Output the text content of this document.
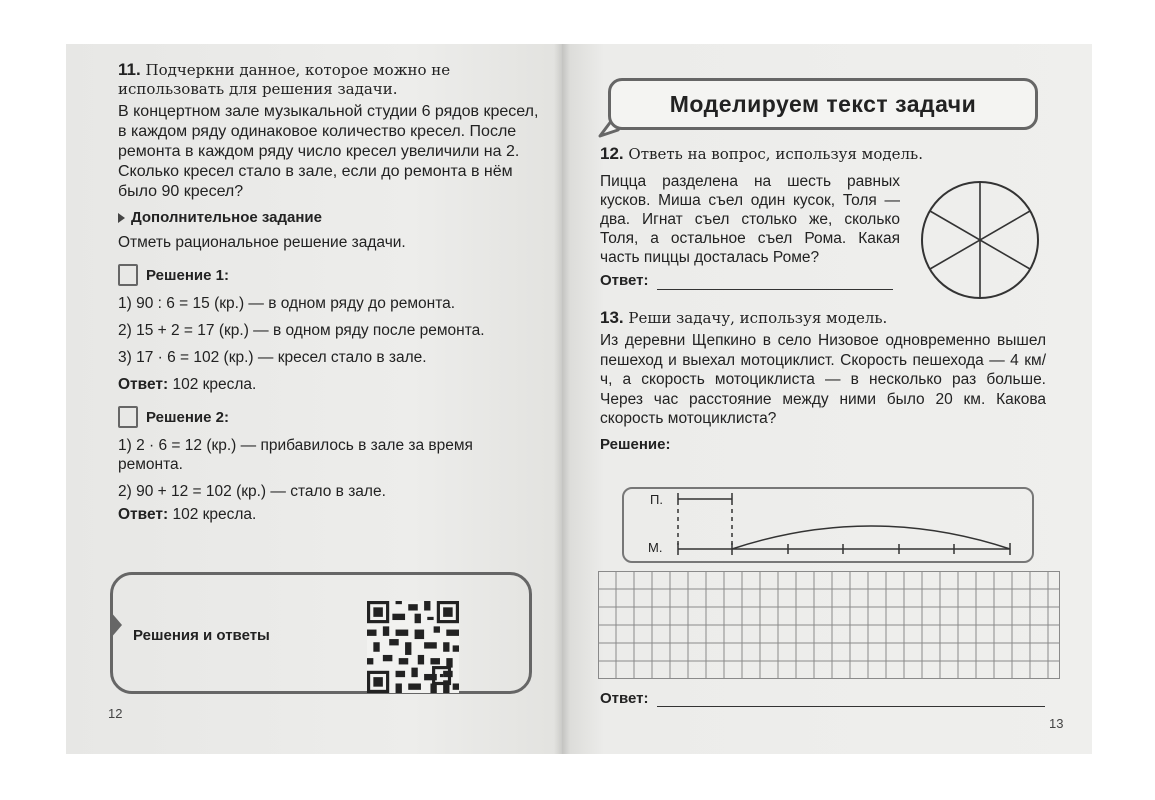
11. Подчеркни данное, которое можно не использовать для решения задачи.

В концертном зале музыкальной студии 6 рядов кресел, в каждом ряду одинаковое количество кресел. После ремонта в каждом ряду число кресел увеличили на 2. Сколько кресел стало в зале, если до ремонта в нём было 90 кресел?

Дополнительное задание

Отметь рациональное решение задачи.

Решение 1:

1) 90 : 6 = 15 (кр.) — в одном ряду до ремонта.

2) 15 + 2 = 17 (кр.) — в одном ряду после ремонта.

3) 17 · 6 = 102 (кр.) — кресел стало в зале.

Ответ: 102 кресла.

Решение 2:

1) 2 · 6 = 12 (кр.) — прибавилось в зале за время ремонта.

2) 90 + 12 = 102 (кр.) — стало в зале.

Ответ: 102 кресла.

Решения и ответы
12
Моделируем текст задачи

12. Ответь на вопрос, используя модель.

Пицца разделена на шесть равных кусков. Миша съел один кусок, Толя — два. Игнат съел столько же, сколько Толя, а остальное съел Рома. Какая часть пиццы досталась Роме?

Ответ:

13. Реши задачу, используя модель.

Из деревни Щепкино в село Низовое одновременно вышел пешеход и выехал мотоциклист. Скорость пешехода — 4 км/ч, а скорость мотоциклиста — в несколько раз больше. Через час расстояние между ними было 20 км. Какова скорость мотоциклиста?

Решение:

П.
М.
Ответ:
13
